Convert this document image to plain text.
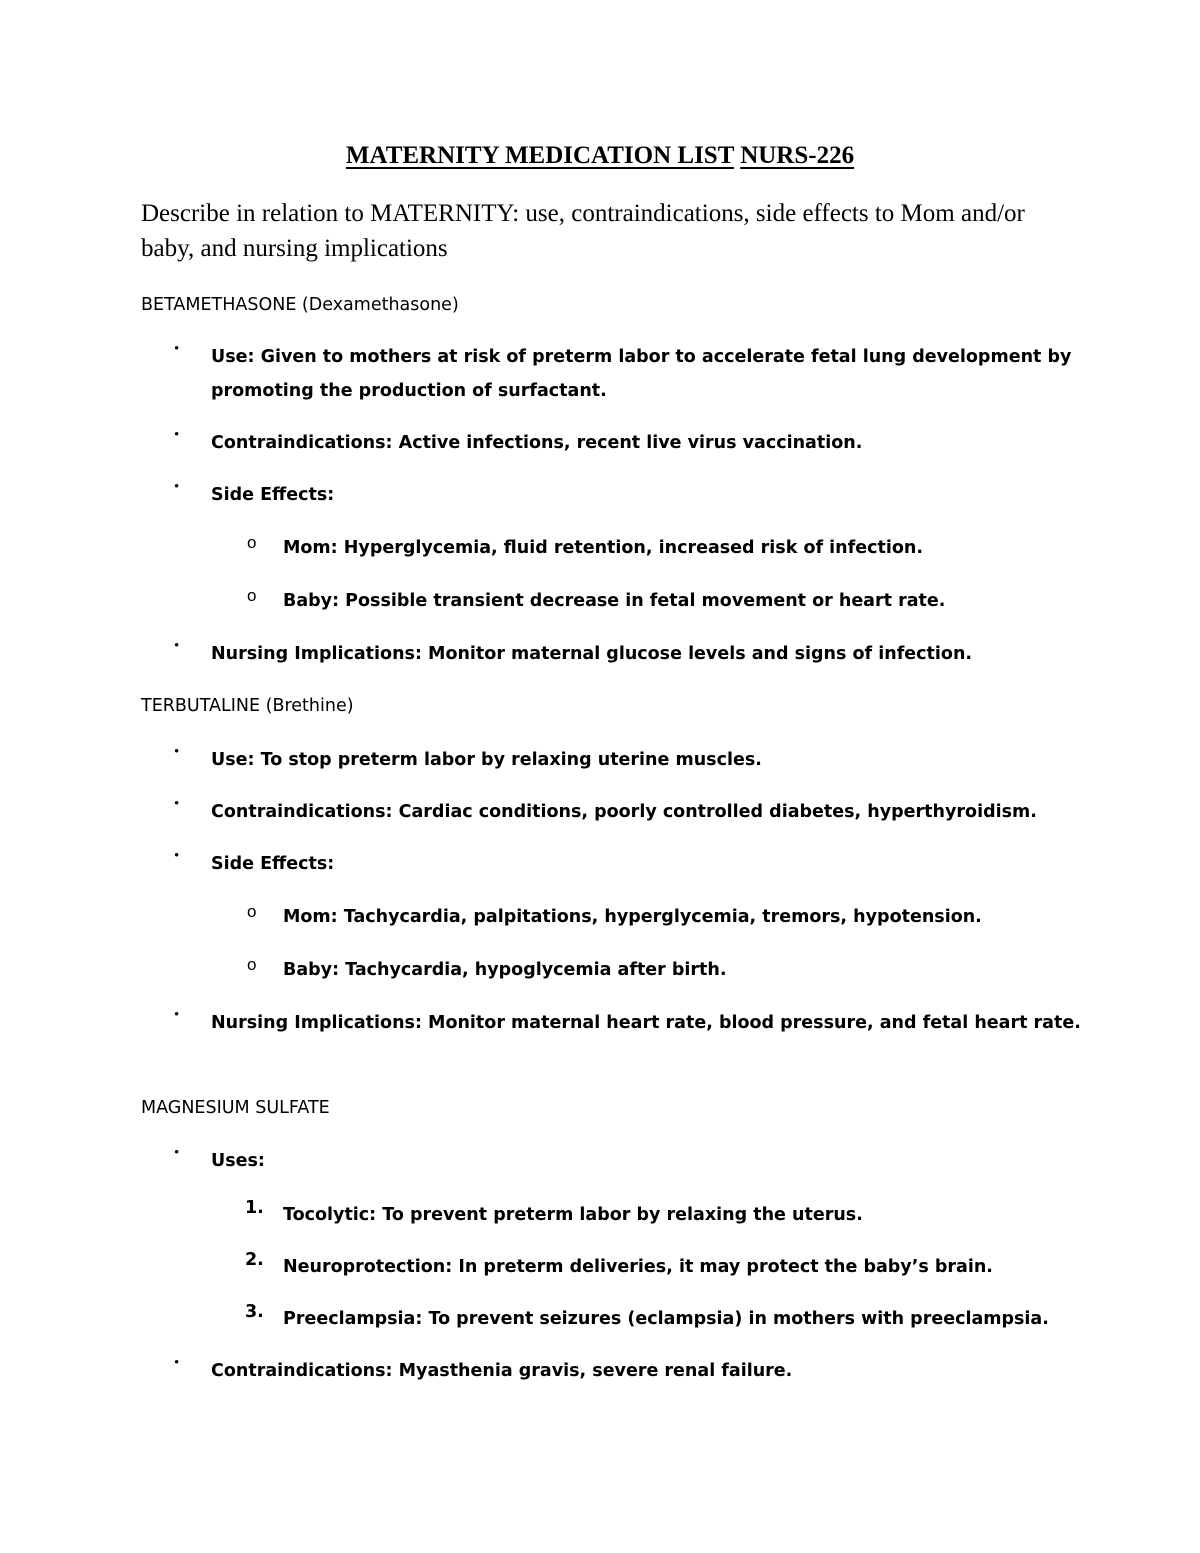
MATERNITY MEDICATION LIST NURS-226
Describe in relation to MATERNITY: use, contraindications, side effects to Mom and/or baby, and nursing implications
BETAMETHASONE (Dexamethasone)
• Use: Given to mothers at risk of preterm labor to accelerate fetal lung development by promoting the production of surfactant.
• Contraindications: Active infections, recent live virus vaccination.
• Side Effects:
o Mom: Hyperglycemia, fluid retention, increased risk of infection.
o Baby: Possible transient decrease in fetal movement or heart rate.
• Nursing Implications: Monitor maternal glucose levels and signs of infection.
TERBUTALINE (Brethine)
• Use: To stop preterm labor by relaxing uterine muscles.
• Contraindications: Cardiac conditions, poorly controlled diabetes, hyperthyroidism.
• Side Effects:
o Mom: Tachycardia, palpitations, hyperglycemia, tremors, hypotension.
o Baby: Tachycardia, hypoglycemia after birth.
• Nursing Implications: Monitor maternal heart rate, blood pressure, and fetal heart rate.
MAGNESIUM SULFATE
• Uses:
1. Tocolytic: To prevent preterm labor by relaxing the uterus.
2. Neuroprotection: In preterm deliveries, it may protect the baby’s brain.
3. Preeclampsia: To prevent seizures (eclampsia) in mothers with preeclampsia.
• Contraindications: Myasthenia gravis, severe renal failure.
